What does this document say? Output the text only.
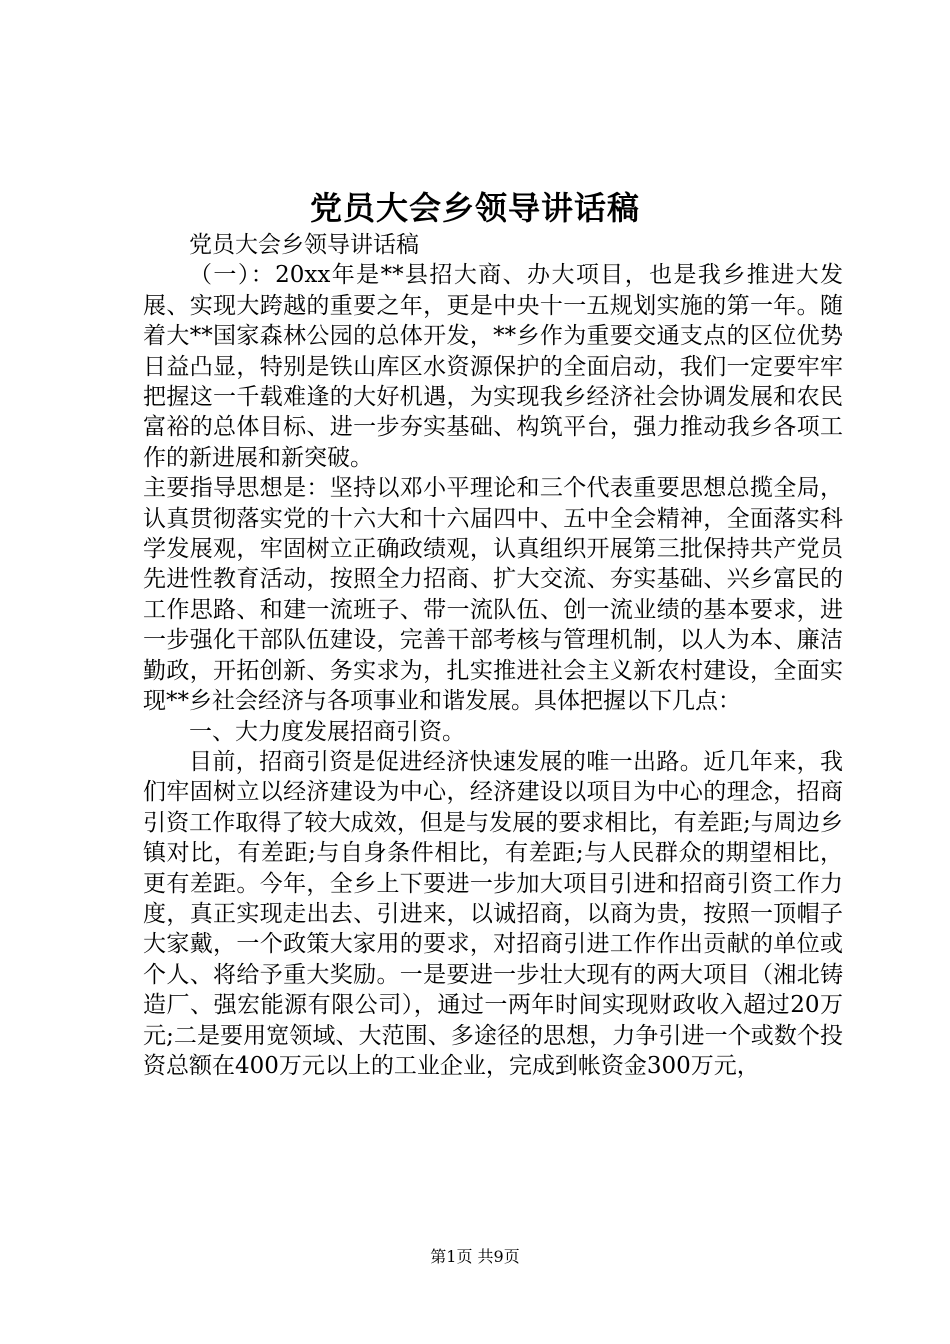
党员大会乡领导讲话稿

党员大会乡领导讲话稿

（一）：20xx年是**县招大商、办大项目，也是我乡推进大发展、实现大跨越的重要之年，更是中央十一五规划实施的第一年。随着大**国家森林公园的总体开发，**乡作为重要交通支点的区位优势日益凸显，特别是铁山库区水资源保护的全面启动，我们一定要牢牢把握这一千载难逢的大好机遇，为实现我乡经济社会协调发展和农民富裕的总体目标、进一步夯实基础、构筑平台，强力推动我乡各项工作的新进展和新突破。

主要指导思想是：坚持以邓小平理论和三个代表重要思想总揽全局，认真贯彻落实党的十六大和十六届四中、五中全会精神，全面落实科学发展观，牢固树立正确政绩观，认真组织开展第三批保持共产党员先进性教育活动，按照全力招商、扩大交流、夯实基础、兴乡富民的工作思路、和建一流班子、带一流队伍、创一流业绩的基本要求，进一步强化干部队伍建设，完善干部考核与管理机制，以人为本、廉洁勤政，开拓创新、务实求为，扎实推进社会主义新农村建设，全面实现**乡社会经济与各项事业和谐发展。具体把握以下几点：

一、大力度发展招商引资。

目前，招商引资是促进经济快速发展的唯一出路。近几年来，我们牢固树立以经济建设为中心，经济建设以项目为中心的理念，招商引资工作取得了较大成效，但是与发展的要求相比，有差距;与周边乡镇对比，有差距;与自身条件相比，有差距;与人民群众的期望相比，更有差距。今年，全乡上下要进一步加大项目引进和招商引资工作力度，真正实现走出去、引进来，以诚招商，以商为贵，按照一顶帽子大家戴，一个政策大家用的要求，对招商引进工作作出贡献的单位或个人、将给予重大奖励。一是要进一步壮大现有的两大项目（湘北铸造厂、强宏能源有限公司），通过一两年时间实现财政收入超过20万元;二是要用宽领域、大范围、多途径的思想，力争引进一个或数个投资总额在400万元以上的工业企业，完成到帐资金300万元，

第1页 共9页
